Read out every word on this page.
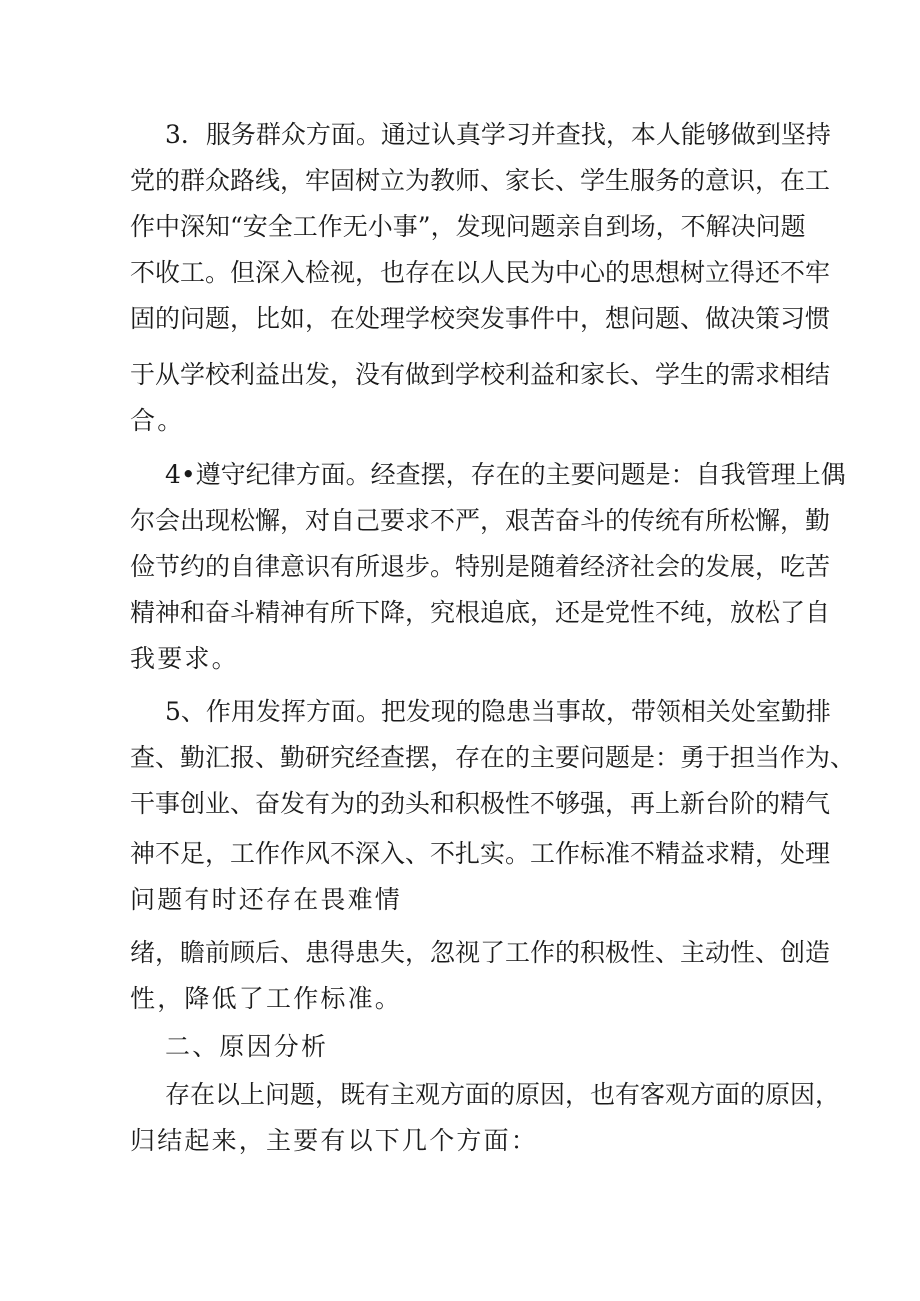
3．服务群众方面。通过认真学习并查找，本人能够做到坚持

党的群众路线，牢固树立为教师、家长、学生服务的意识，在工

作中深知“安全工作无小事”，发现问题亲自到场，不解决问题

不收工。但深入检视，也存在以人民为中心的思想树立得还不牢

固的问题，比如，在处理学校突发事件中，想问题、做决策习惯

于从学校利益出发，没有做到学校利益和家长、学生的需求相结

合。

4•遵守纪律方面。经查摆，存在的主要问题是：自我管理上偶

尔会出现松懈，对自己要求不严，艰苦奋斗的传统有所松懈，勤

俭节约的自律意识有所退步。特别是随着经济社会的发展，吃苦

精神和奋斗精神有所下降，究根追底，还是党性不纯，放松了自

我要求。

5、作用发挥方面。把发现的隐患当事故，带领相关处室勤排

查、勤汇报、勤研究经查摆，存在的主要问题是：勇于担当作为、

干事创业、奋发有为的劲头和积极性不够强，再上新台阶的精气

神不足，工作作风不深入、不扎实。工作标准不精益求精，处理

问题有时还存在畏难情

绪，瞻前顾后、患得患失，忽视了工作的积极性、主动性、创造

性，降低了工作标准。

二、原因分析

存在以上问题，既有主观方面的原因，也有客观方面的原因，

归结起来，主要有以下几个方面：
